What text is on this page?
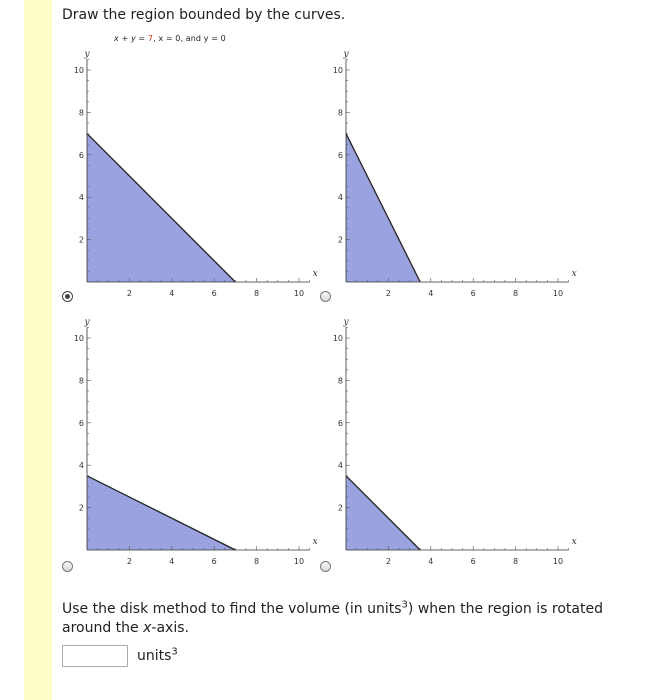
Draw the region bounded by the curves.
x + y = 7, x = 0, and y = 0
2	4	6	8	10
2
4
6
8
10
x
y
2	4	6	8	10
2
4
6
8
10
x
y
2	4	6	8	10
2
4
6
8
10
x
y
2	4	6	8	10
2
4
6
8
10
x
y
Use the disk method to find the volume (in units$^3$) when the region is rotated around the x-axis.
units$^3$
